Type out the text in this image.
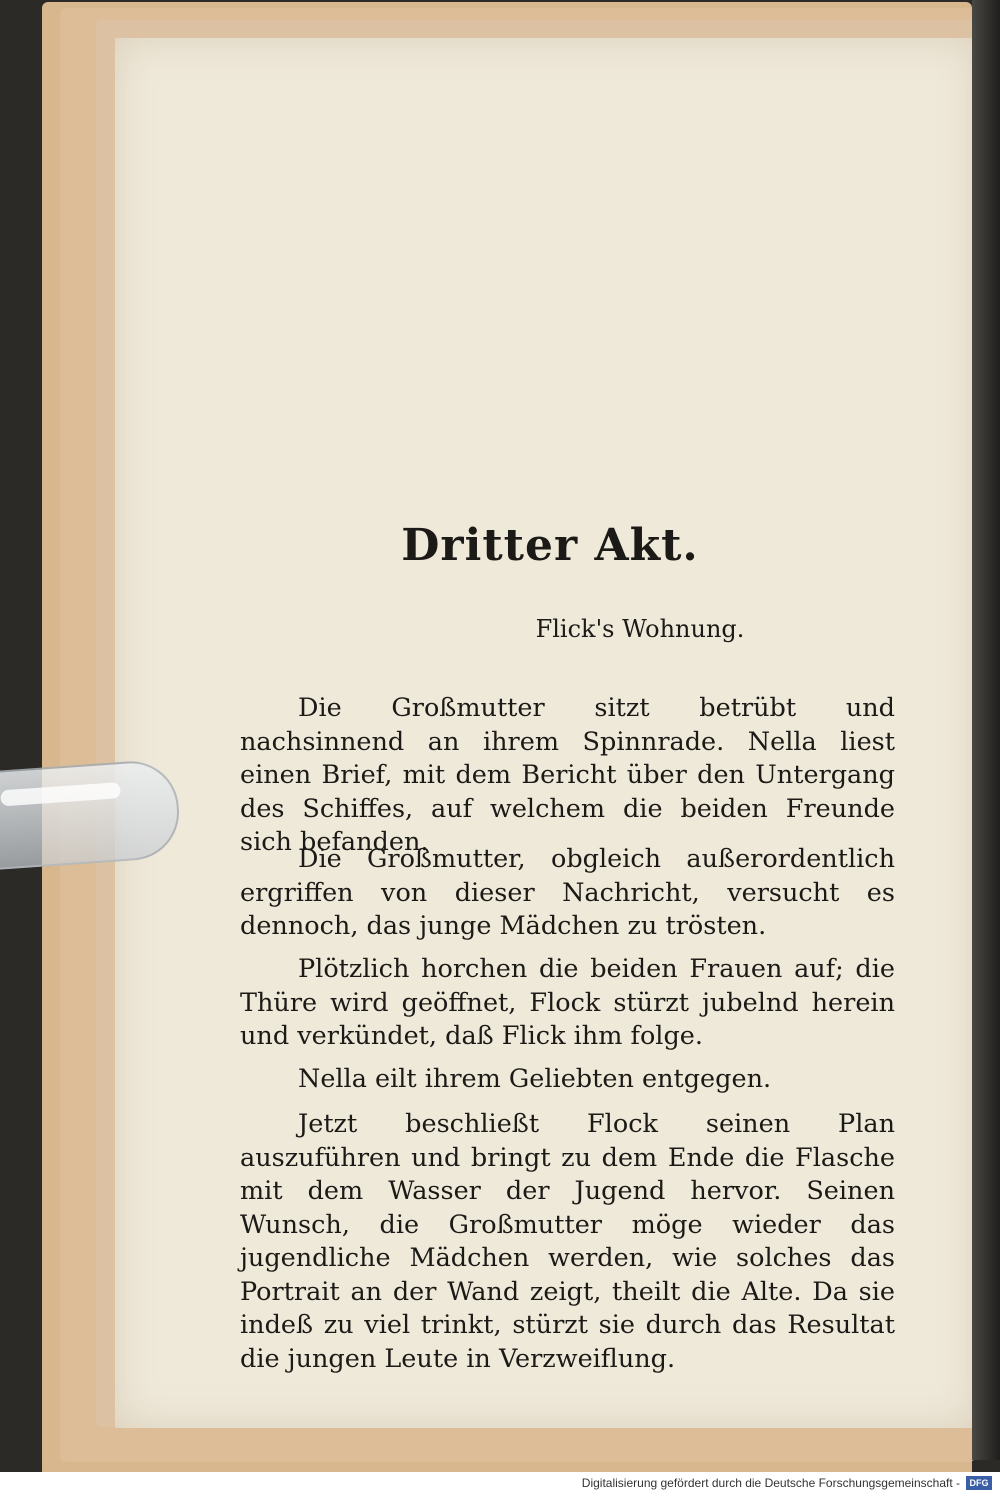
Dritter Akt.
Flick's Wohnung.

Die Großmutter sitzt betrübt und nachsinnend an ihrem Spinnrade. Nella liest einen Brief, mit dem Bericht über den Untergang des Schiffes, auf welchem die beiden Freunde sich befanden.

Die Großmutter, obgleich außerordentlich ergriffen von dieser Nachricht, versucht es dennoch, das junge Mädchen zu trösten.

Plötzlich horchen die beiden Frauen auf; die Thüre wird geöffnet, Flock stürzt jubelnd herein und verkündet, daß Flick ihm folge.

Nella eilt ihrem Geliebten entgegen.

Jetzt beschließt Flock seinen Plan auszuführen und bringt zu dem Ende die Flasche mit dem Wasser der Jugend hervor. Seinen Wunsch, die Großmutter möge wieder das jugendliche Mädchen werden, wie solches das Portrait an der Wand zeigt, theilt die Alte. Da sie indeß zu viel trinkt, stürzt sie durch das Resultat die jungen Leute in Verzweiflung.

Digitalisierung gefördert durch die Deutsche Forschungsgemeinschaft -	DFG
